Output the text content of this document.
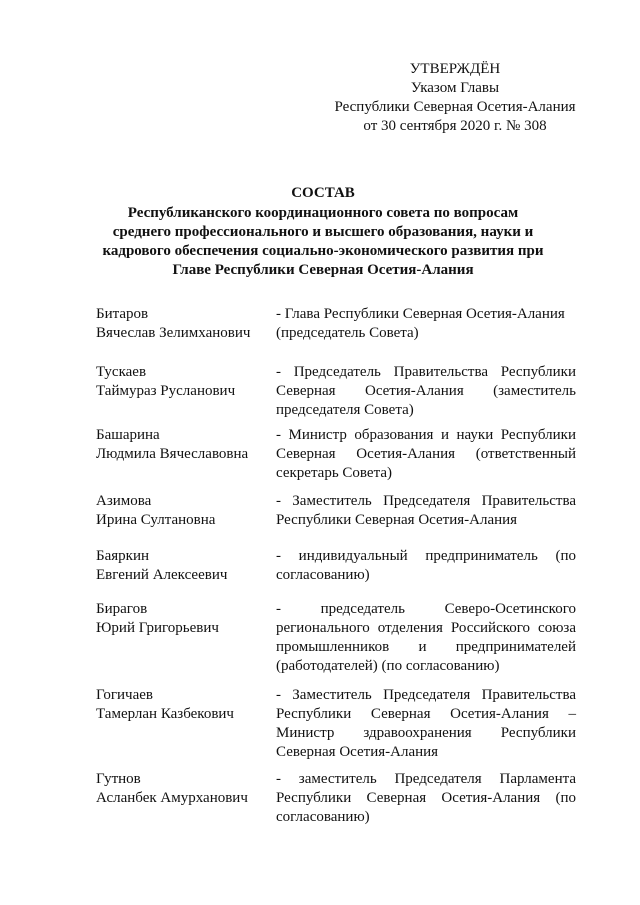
УТВЕРЖДЁН
Указом Главы
Республики Северная Осетия-Алания
от 30 сентября 2020 г. № 308
СОСТАВ
Республиканского координационного совета по вопросам
среднего профессионального и высшего образования, науки и
кадрового обеспечения социально-экономического развития при
Главе Республики Северная Осетия-Алания
Битаров
Вячеслав Зелимханович
- Глава Республики Северная Осетия-Алания
(председатель Совета)
Тускаев
Таймураз Русланович
- Председатель Правительства Республики Северная Осетия-Алания (заместитель председателя Совета)
Башарина
Людмила Вячеславовна
- Министр образования и науки Республики Северная Осетия-Алания (ответственный секретарь Совета)
Азимова
Ирина Султановна
- Заместитель Председателя Правительства Республики Северная Осетия-Алания
Баяркин
Евгений Алексеевич
- индивидуальный предприниматель (по согласованию)
Бирагов
Юрий Григорьевич
- председатель Северо-Осетинского регионального отделения Российского союза промышленников и предпринимателей (работодателей) (по согласованию)
Гогичаев
Тамерлан Казбекович
- Заместитель Председателя Правительства Республики Северная Осетия-Алания – Министр здравоохранения Республики Северная Осетия-Алания
Гутнов
Асланбек Амурханович
- заместитель Председателя Парламента Республики Северная Осетия-Алания (по согласованию)
